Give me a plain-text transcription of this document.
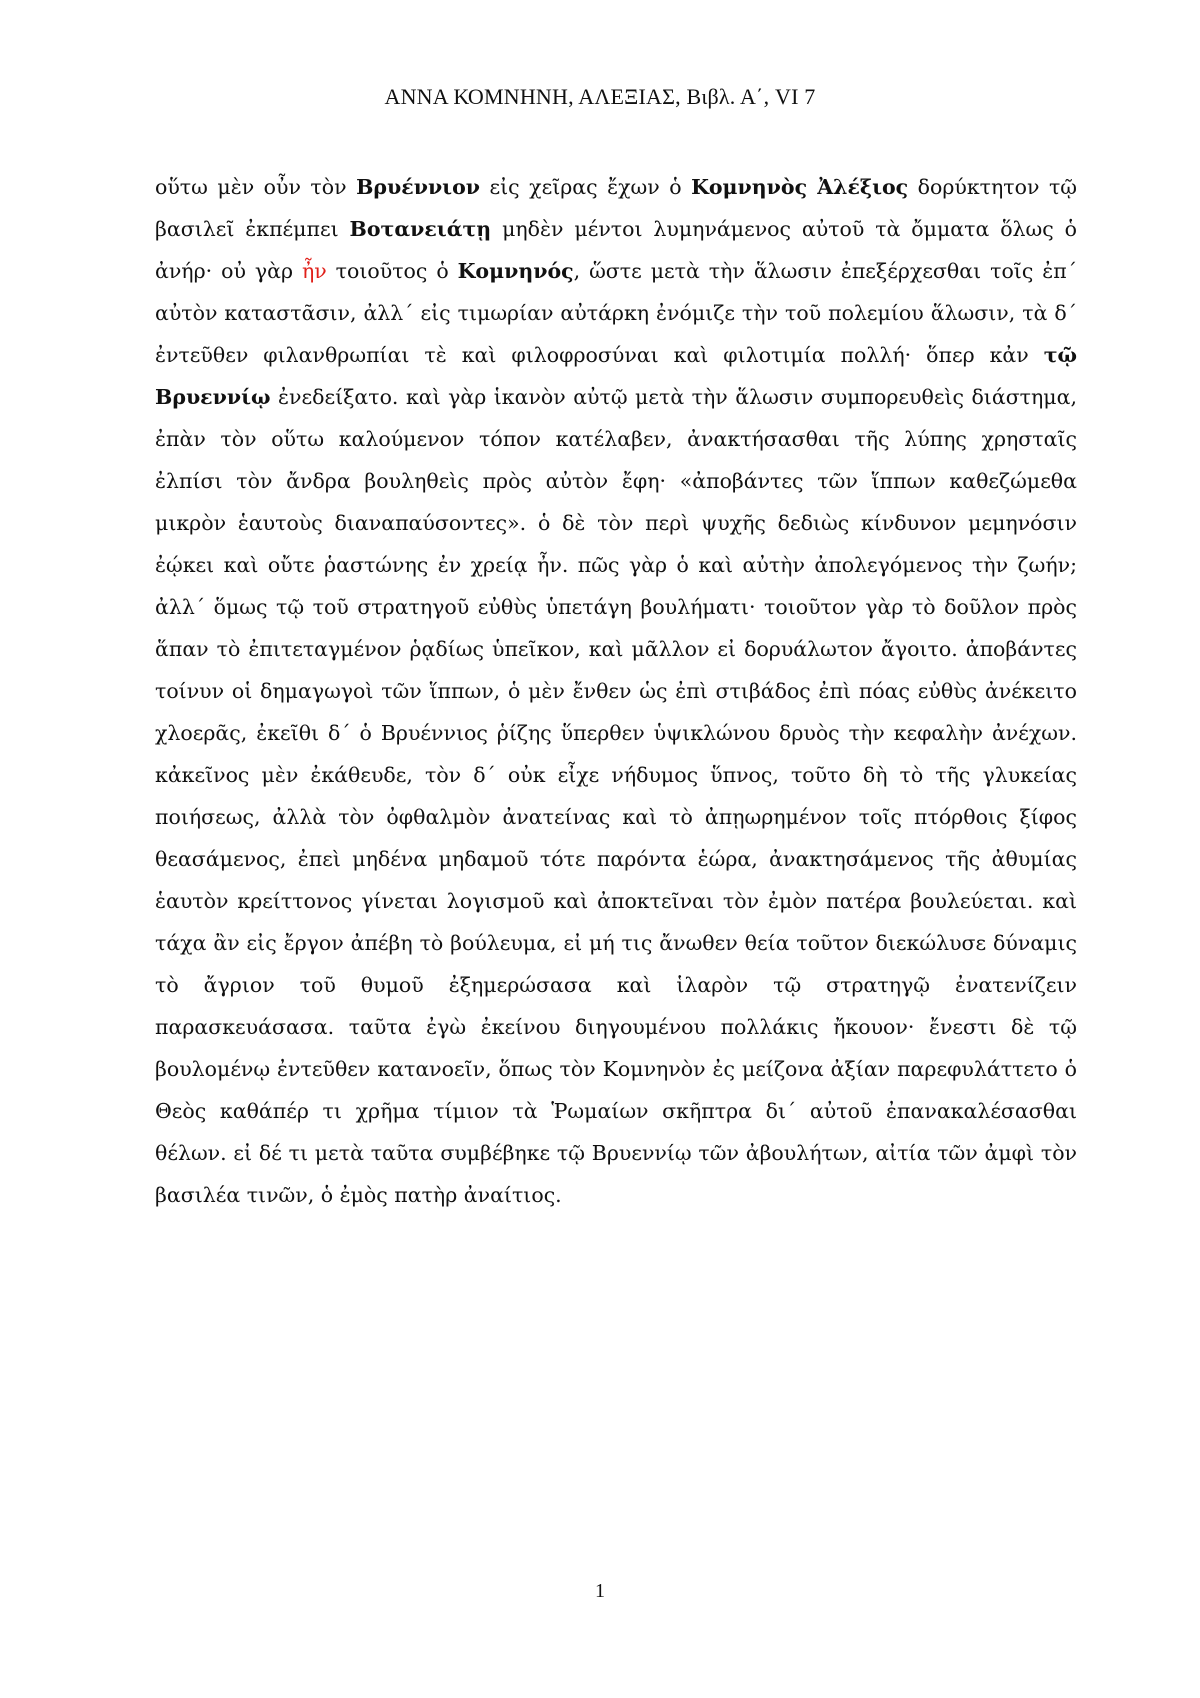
ΑΝΝΑ ΚΟΜΝΗΝΗ, ΑΛΕΞΙΑΣ, Βιβλ. Α΄, VI 7
οὕτω μὲν οὖν τὸν Βρυέννιον εἰς χεῖρας ἔχων ὁ Κομνηνὸς Ἀλέξιος δορύκτητον τῷ βασιλεῖ ἐκπέμπει Βοτανειάτῃ μηδὲν μέντοι λυμηνάμενος αὐτοῦ τὰ ὄμματα ὅλως ὁ ἀνήρ· οὐ γὰρ ἦν τοιοῦτος ὁ Κομνηνός, ὥστε μετὰ τὴν ἅλωσιν ἐπεξέρχεσθαι τοῖς ἐπ΄ αὐτὸν καταστᾶσιν, ἀλλ΄ εἰς τιμωρίαν αὐτάρκη ἐνόμιζε τὴν τοῦ πολεμίου ἅλωσιν, τὰ δ΄ ἐντεῦθεν φιλανθρωπίαι τὲ καὶ φιλοφροσύναι καὶ φιλοτιμία πολλή· ὅπερ κἀν τῷ Βρυεννίῳ ἐνεδείξατο. καὶ γὰρ ἱκανὸν αὐτῷ μετὰ τὴν ἅλωσιν συμπορευθεὶς διάστημα, ἐπὰν τὸν οὕτω καλούμενον τόπον κατέλαβεν, ἀνακτήσασθαι τῆς λύπης χρησταῖς ἐλπίσι τὸν ἄνδρα βουληθεὶς πρὸς αὐτὸν ἔφη· «ἀποβάντες τῶν ἵππων καθεζώμεθα μικρὸν ἑαυτοὺς διαναπαύσοντες». ὁ δὲ τὸν περὶ ψυχῆς δεδιὼς κίνδυνον μεμηνόσιν ἐῴκει καὶ οὔτε ῥαστώνης ἐν χρείᾳ ἦν. πῶς γὰρ ὁ καὶ αὐτὴν ἀπολεγόμενος τὴν ζωήν; ἀλλ΄ ὅμως τῷ τοῦ στρατηγοῦ εὐθὺς ὑπετάγη βουλήματι· τοιοῦτον γὰρ τὸ δοῦλον πρὸς ἅπαν τὸ ἐπιτεταγμένον ῥᾳδίως ὑπεῖκον, καὶ μᾶλλον εἰ δορυάλωτον ἄγοιτο. ἀποβάντες τοίνυν οἱ δημαγωγοὶ τῶν ἵππων, ὁ μὲν ἔνθεν ὡς ἐπὶ στιβάδος ἐπὶ πόας εὐθὺς ἀνέκειτο χλοερᾶς, ἐκεῖθι δ΄ ὁ Βρυέννιος ῥίζης ὕπερθεν ὑψικλώνου δρυὸς τὴν κεφαλὴν ἀνέχων. κἀκεῖνος μὲν ἐκάθευδε, τὸν δ΄ οὐκ εἶχε νήδυμος ὕπνος, τοῦτο δὴ τὸ τῆς γλυκείας ποιήσεως, ἀλλὰ τὸν ὀφθαλμὸν ἀνατείνας καὶ τὸ ἀπῃωρημένον τοῖς πτόρθοις ξίφος θεασάμενος, ἐπεὶ μηδένα μηδαμοῦ τότε παρόντα ἑώρα, ἀνακτησάμενος τῆς ἀθυμίας ἑαυτὸν κρείττονος γίνεται λογισμοῦ καὶ ἀποκτεῖναι τὸν ἐμὸν πατέρα βουλεύεται. καὶ τάχα ἂν εἰς ἔργον ἀπέβη τὸ βούλευμα, εἰ μή τις ἄνωθεν θεία τοῦτον διεκώλυσε δύναμις τὸ ἄγριον τοῦ θυμοῦ ἐξημερώσασα καὶ ἱλαρὸν τῷ στρατηγῷ ἐνατενίζειν παρασκευάσασα. ταῦτα ἐγὼ ἐκείνου διηγουμένου πολλάκις ἤκουον· ἔνεστι δὲ τῷ βουλομένῳ ἐντεῦθεν κατανοεῖν, ὅπως τὸν Κομνηνὸν ἐς μείζονα ἀξίαν παρεφυλάττετο ὁ Θεὸς καθάπέρ τι χρῆμα τίμιον τὰ Ῥωμαίων σκῆπτρα δι΄ αὐτοῦ ἐπανακαλέσασθαι θέλων. εἰ δέ τι μετὰ ταῦτα συμβέβηκε τῷ Βρυεννίῳ τῶν ἀβουλήτων, αἰτία τῶν ἀμφὶ τὸν βασιλέα τινῶν, ὁ ἐμὸς πατὴρ ἀναίτιος.
1
